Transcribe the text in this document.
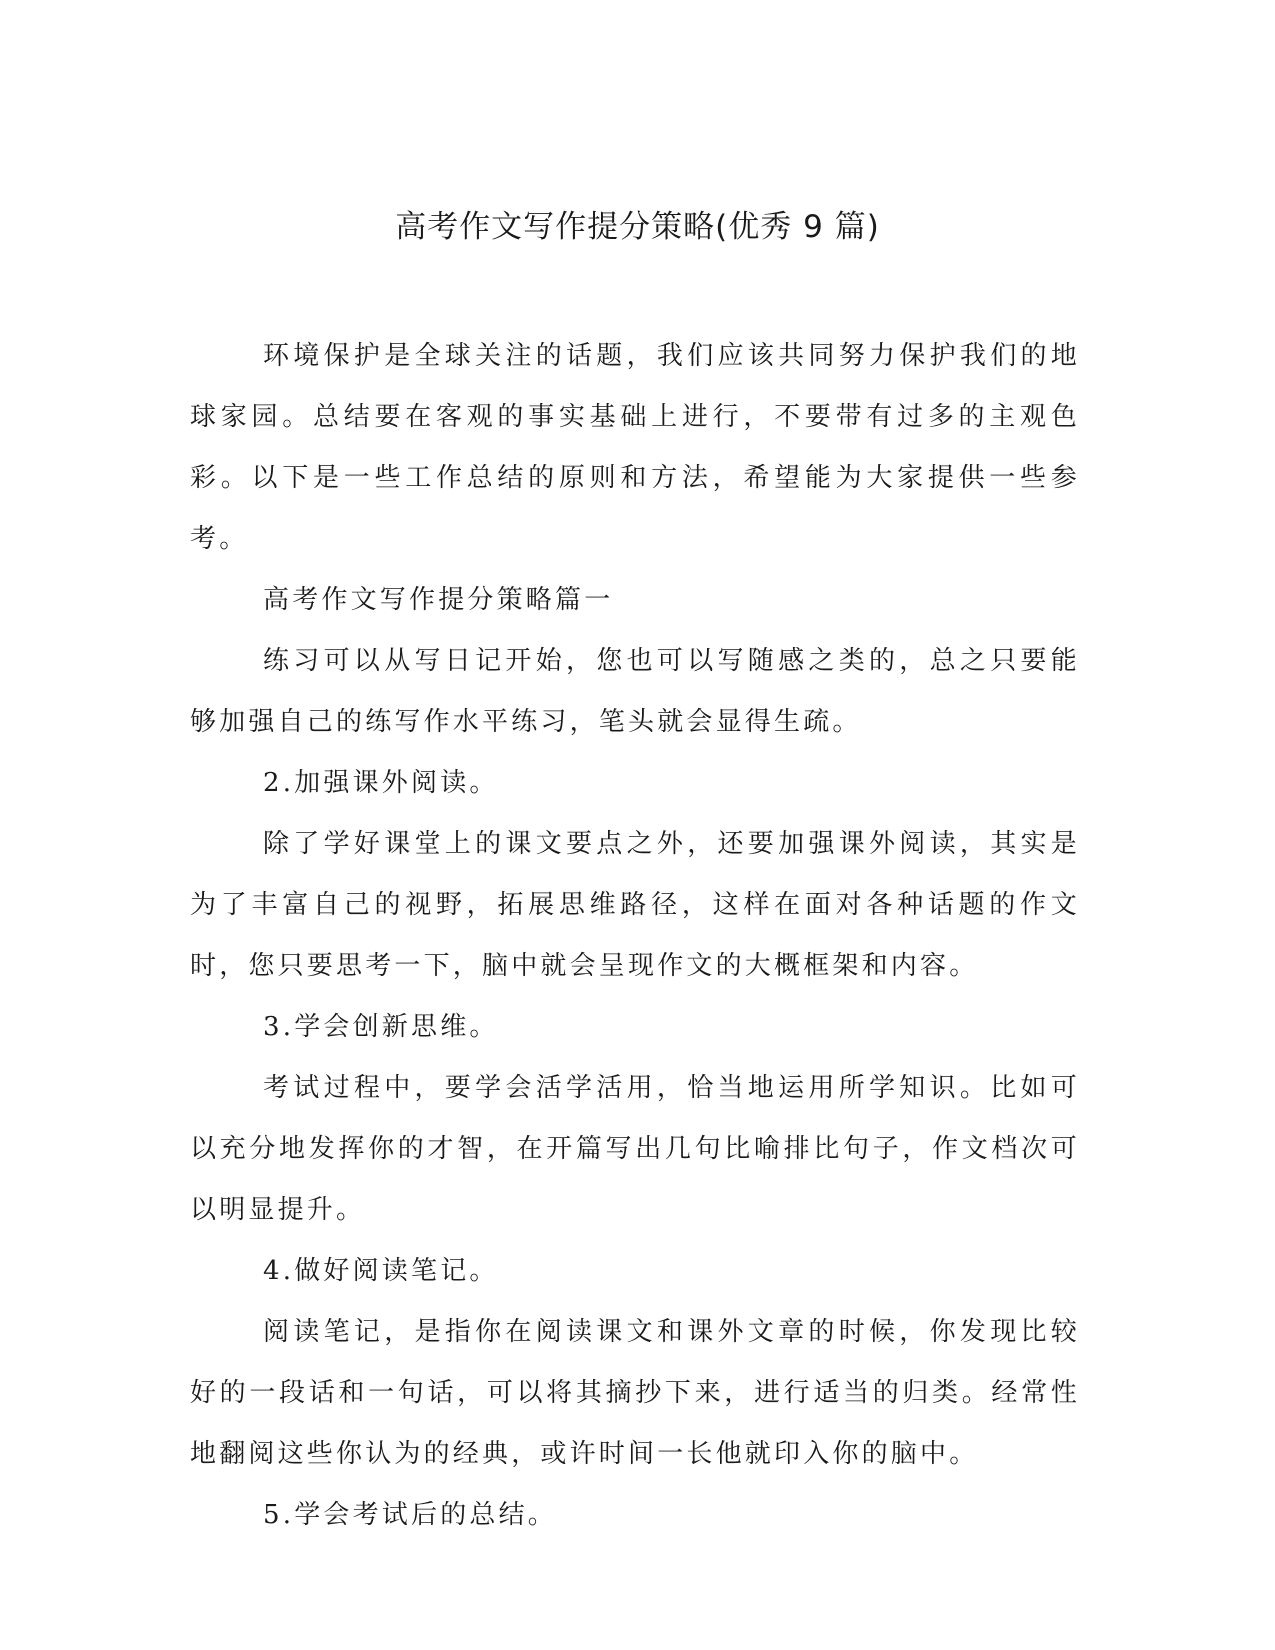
高考作文写作提分策略(优秀 9 篇)

环境保护是全球关注的话题，我们应该共同努力保护我们的地球家园。总结要在客观的事实基础上进行，不要带有过多的主观色彩。以下是一些工作总结的原则和方法，希望能为大家提供一些参考。

高考作文写作提分策略篇一

练习可以从写日记开始，您也可以写随感之类的，总之只要能够加强自己的练写作水平练习，笔头就会显得生疏。

2.加强课外阅读。

除了学好课堂上的课文要点之外，还要加强课外阅读，其实是为了丰富自己的视野，拓展思维路径，这样在面对各种话题的作文时，您只要思考一下，脑中就会呈现作文的大概框架和内容。

3.学会创新思维。

考试过程中，要学会活学活用，恰当地运用所学知识。比如可以充分地发挥你的才智，在开篇写出几句比喻排比句子，作文档次可以明显提升。

4.做好阅读笔记。

阅读笔记，是指你在阅读课文和课外文章的时候，你发现比较好的一段话和一句话，可以将其摘抄下来，进行适当的归类。经常性地翻阅这些你认为的经典，或许时间一长他就印入你的脑中。

5.学会考试后的总结。
